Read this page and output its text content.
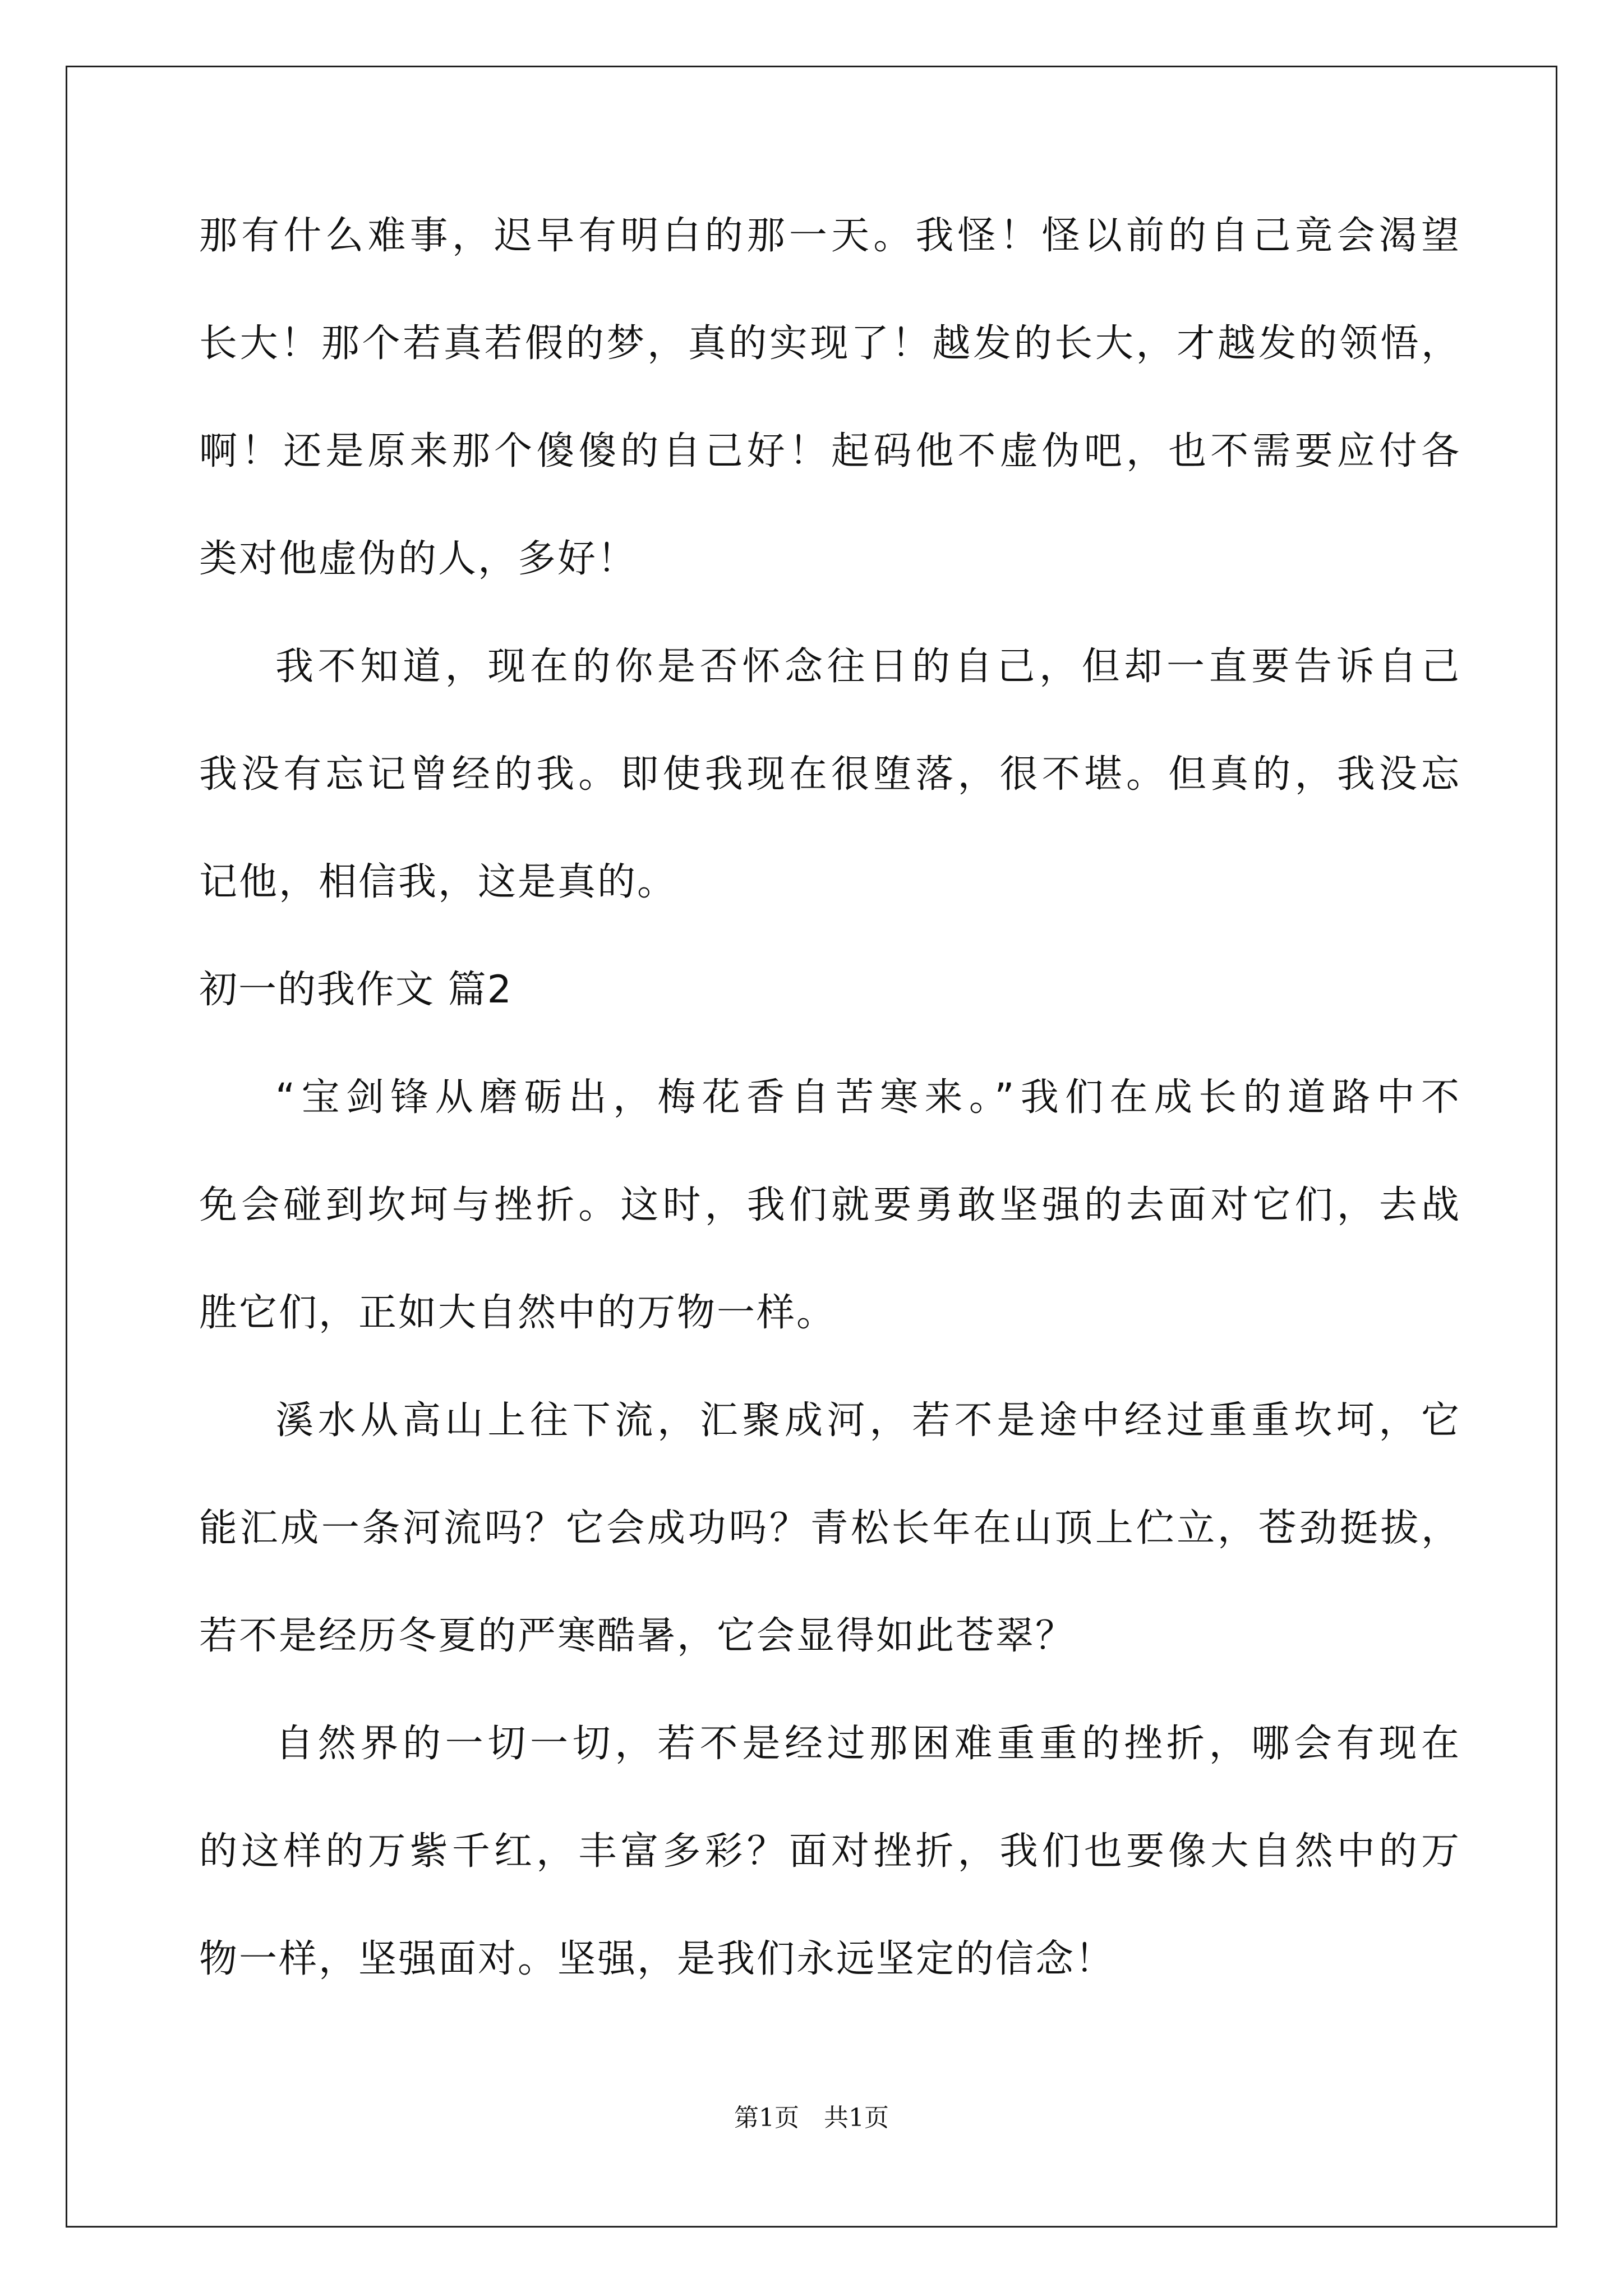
那有什么难事，迟早有明白的那一天。我怪！怪以前的自己竟会渴望
长大！那个若真若假的梦，真的实现了！越发的长大，才越发的领悟，
啊！还是原来那个傻傻的自己好！起码他不虚伪吧，也不需要应付各
类对他虚伪的人，多好！
我不知道，现在的你是否怀念往日的自己，但却一直要告诉自己
我没有忘记曾经的我。即使我现在很堕落，很不堪。但真的，我没忘
记他，相信我，这是真的。
初一的我作文 篇2
“宝剑锋从磨砺出，梅花香自苦寒来。”我们在成长的道路中不
免会碰到坎坷与挫折。这时，我们就要勇敢坚强的去面对它们，去战
胜它们，正如大自然中的万物一样。
溪水从高山上往下流，汇聚成河，若不是途中经过重重坎坷，它
能汇成一条河流吗？它会成功吗？青松长年在山顶上伫立，苍劲挺拔，
若不是经历冬夏的严寒酷暑，它会显得如此苍翠？
自然界的一切一切，若不是经过那困难重重的挫折，哪会有现在
的这样的万紫千红，丰富多彩？面对挫折，我们也要像大自然中的万
物一样，坚强面对。坚强，是我们永远坚定的信念！
第1页　共1页
